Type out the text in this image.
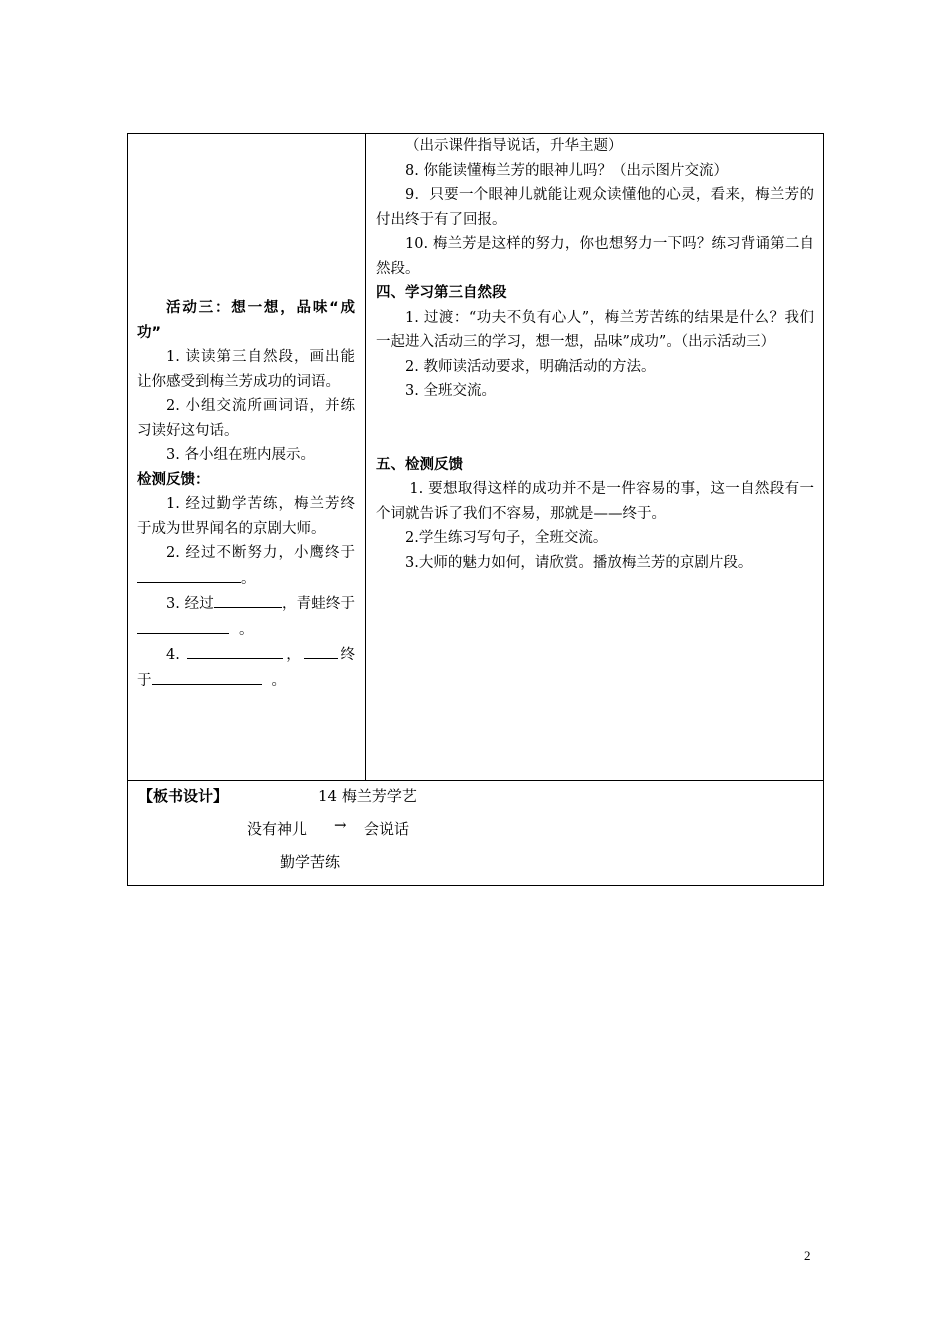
活动三：想一想，品味“成功”

1. 读读第三自然段，画出能让你感受到梅兰芳成功的词语。

2. 小组交流所画词语，并练习读好这句话。

3. 各小组在班内展示。

检测反馈：

1. 经过勤学苦练，梅兰芳终于成为世界闻名的京剧大师。

2. 经过不断努力，小鹰终于。

3. 经过	，青蛙终于。

4.	， 终于	。

（出示课件指导说话，升华主题）

8. 你能读懂梅兰芳的眼神儿吗？（出示图片交流）

9．只要一个眼神儿就能让观众读懂他的心灵，看来，梅兰芳的付出终于有了回报。

10. 梅兰芳是这样的努力，你也想努力一下吗？练习背诵第二自然段。

四、学习第三自然段

1. 过渡：“功夫不负有心人”，梅兰芳苦练的结果是什么？我们一起进入活动三的学习，想一想，品味”成功”。（出示活动三）

2. 教师读活动要求，明确活动的方法。

3. 全班交流。

五、检测反馈

1. 要想取得这样的成功并不是一件容易的事，这一自然段有一个词就告诉了我们不容易，那就是——终于。

2.学生练习写句子，全班交流。

3.大师的魅力如何，请欣赏。播放梅兰芳的京剧片段。

【板书设计】	14 梅兰芳学艺
没有神儿 → 会说话
勤学苦练
2
